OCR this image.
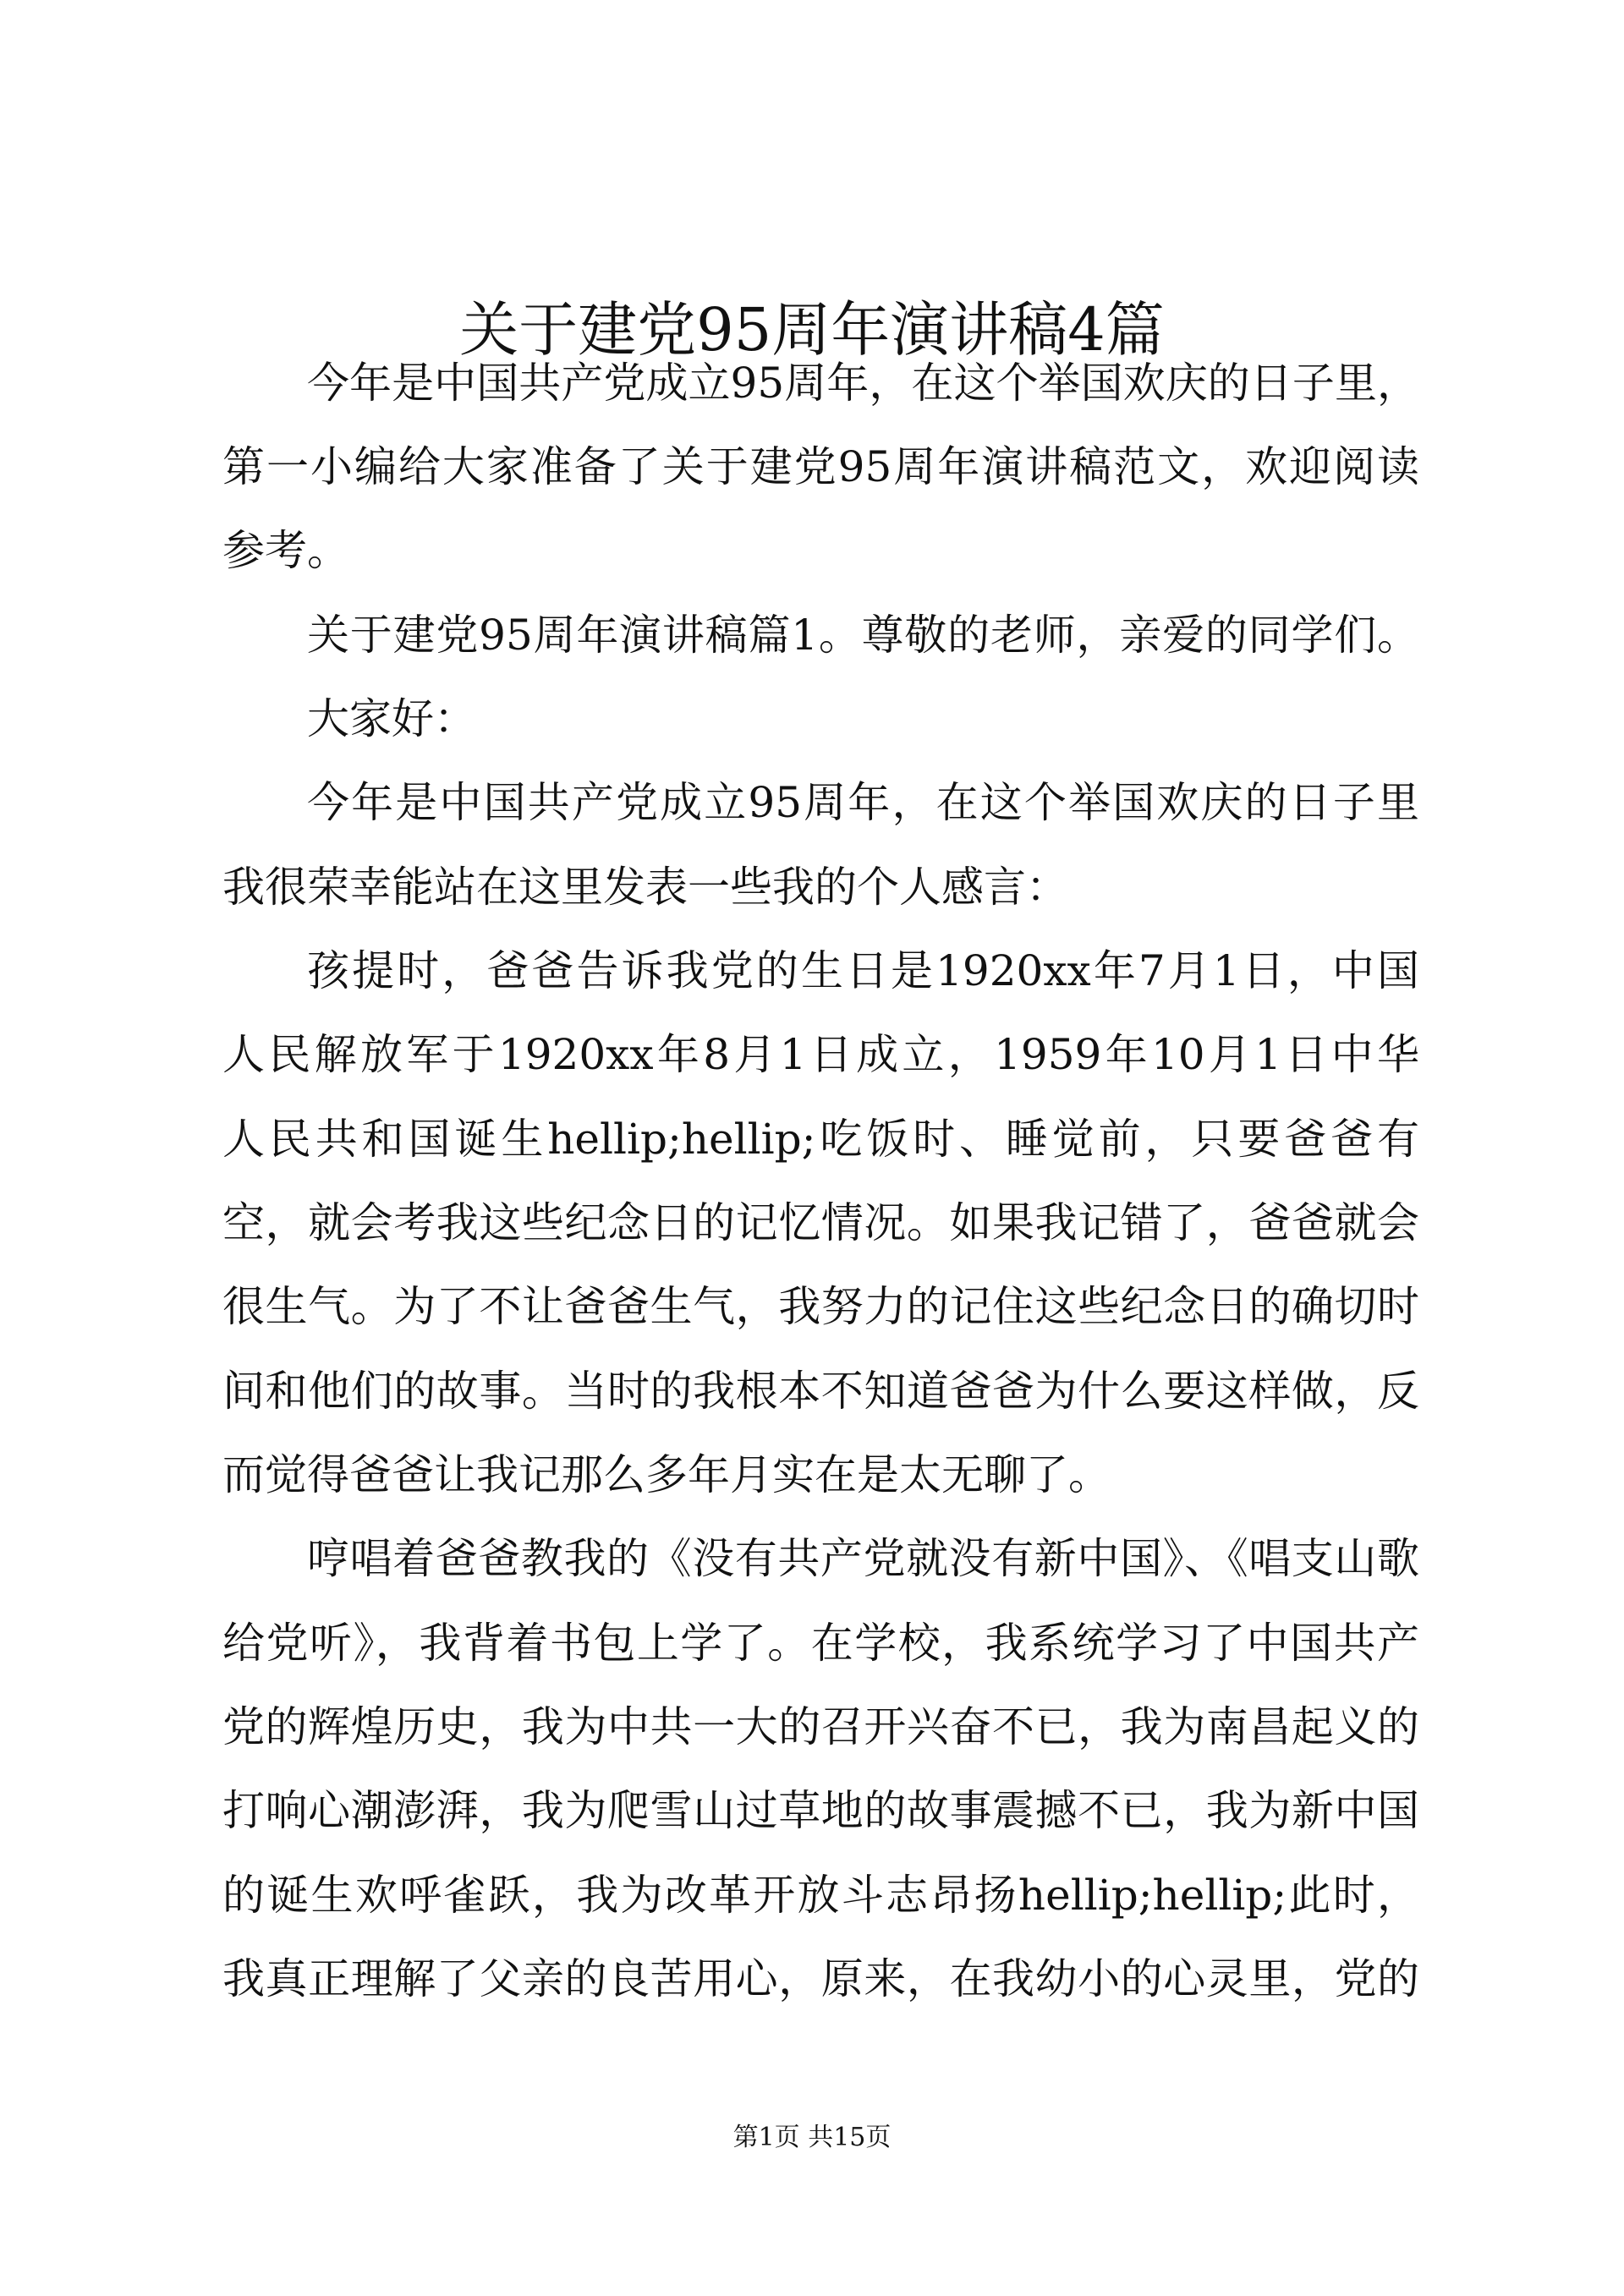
关于建党95周年演讲稿4篇
今年是中国共产党成立95周年，在这个举国欢庆的日子里，
第一小编给大家准备了关于建党95周年演讲稿范文，欢迎阅读
参考。
关于建党95周年演讲稿篇1。尊敬的老师，亲爱的同学们。
大家好：
今年是中国共产党成立95周年，在这个举国欢庆的日子里
我很荣幸能站在这里发表一些我的个人感言：
孩提时，爸爸告诉我党的生日是1920xx年7月1日，中国
人民解放军于1920xx年8月1日成立，1959年10月1日中华
人民共和国诞生hellip;hellip;吃饭时、睡觉前，只要爸爸有
空，就会考我这些纪念日的记忆情况。如果我记错了，爸爸就会
很生气。为了不让爸爸生气，我努力的记住这些纪念日的确切时
间和他们的故事。当时的我根本不知道爸爸为什么要这样做，反
而觉得爸爸让我记那么多年月实在是太无聊了。
哼唱着爸爸教我的《没有共产党就没有新中国》、《唱支山歌
给党听》，我背着书包上学了。在学校，我系统学习了中国共产
党的辉煌历史，我为中共一大的召开兴奋不已，我为南昌起义的
打响心潮澎湃，我为爬雪山过草地的故事震撼不已，我为新中国
的诞生欢呼雀跃，我为改革开放斗志昂扬hellip;hellip;此时，
我真正理解了父亲的良苦用心，原来，在我幼小的心灵里，党的
第1页 共15页
